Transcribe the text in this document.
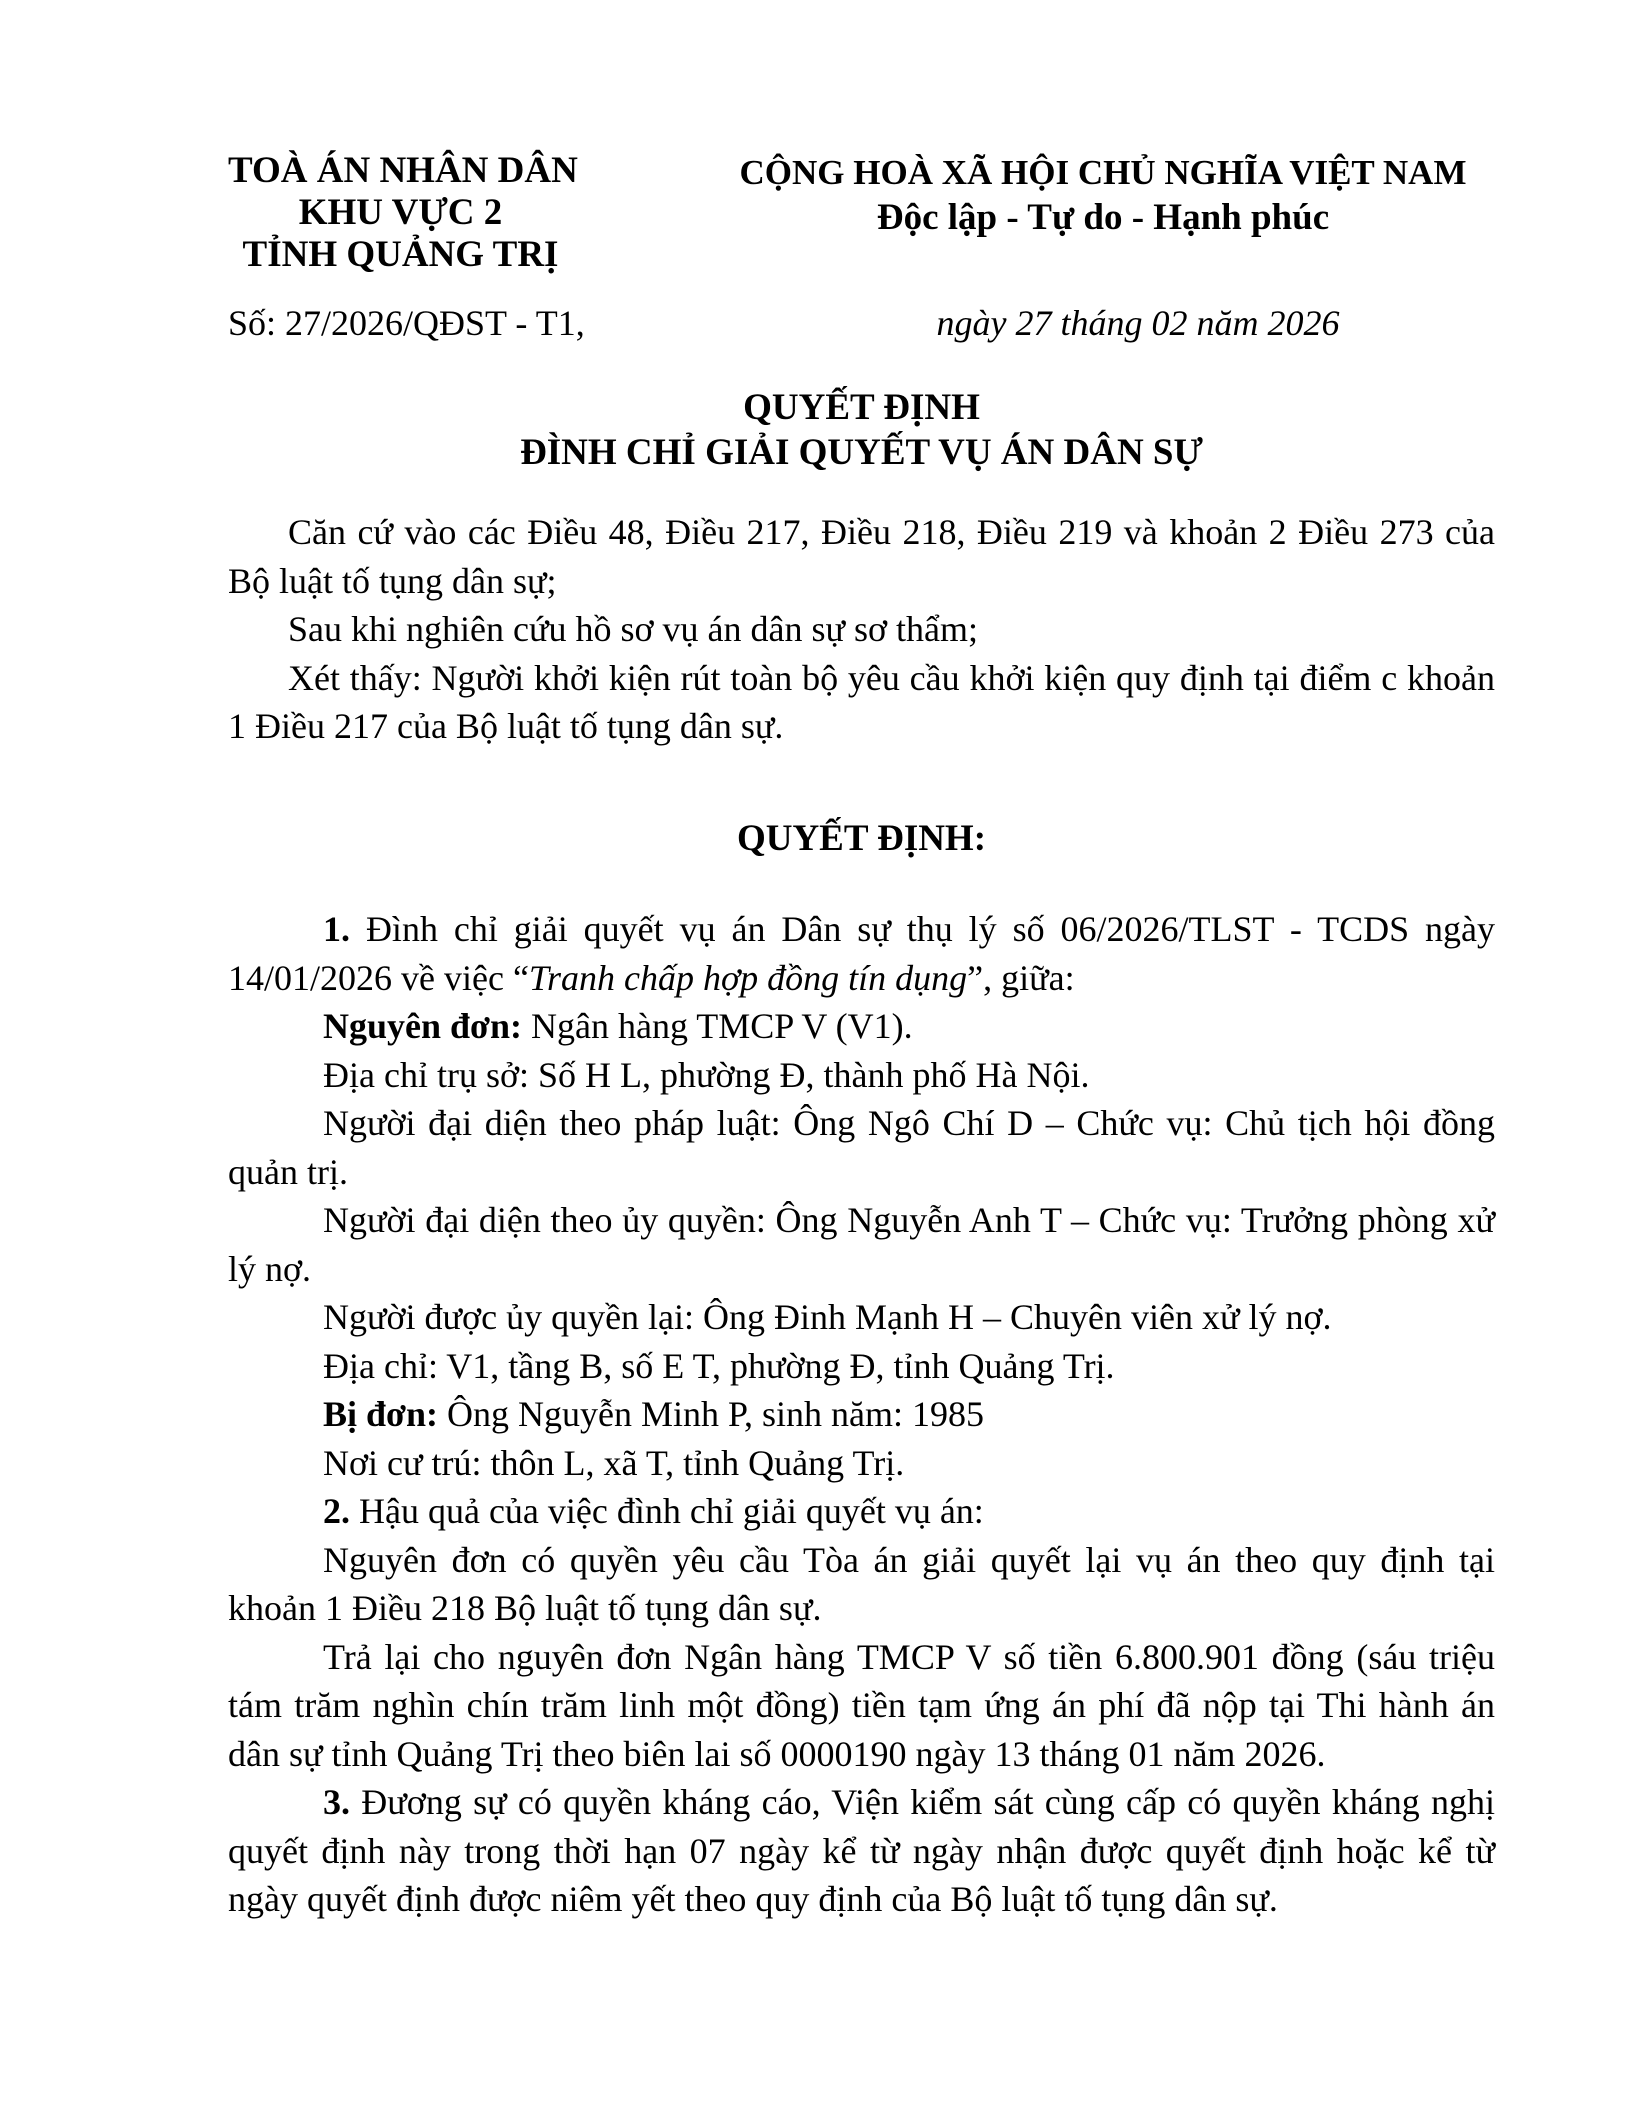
TOÀ ÁN NHÂN DÂN
KHU VỰC 2
TỈNH QUẢNG TRỊ
Số: 27/2026/QĐST - T1,
CỘNG HOÀ XÃ HỘI CHỦ NGHĨA VIỆT NAM
Độc lập - Tự do - Hạnh phúc
ngày 27 tháng 02 năm 2026
QUYẾT ĐỊNH
ĐÌNH CHỈ GIẢI QUYẾT VỤ ÁN DÂN SỰ

Căn cứ vào các Điều 48, Điều 217, Điều 218, Điều 219 và khoản 2 Điều 273 của Bộ luật tố tụng dân sự;

Sau khi nghiên cứu hồ sơ vụ án dân sự sơ thẩm;

Xét thấy: Người khởi kiện rút toàn bộ yêu cầu khởi kiện quy định tại điểm c khoản 1 Điều 217 của Bộ luật tố tụng dân sự.

QUYẾT ĐỊNH:

1. Đình chỉ giải quyết vụ án Dân sự thụ lý số 06/2026/TLST - TCDS ngày 14/01/2026 về việc “Tranh chấp hợp đồng tín dụng”, giữa:

Nguyên đơn: Ngân hàng TMCP V (V1).

Địa chỉ trụ sở: Số H L, phường Đ, thành phố Hà Nội.

Người đại diện theo pháp luật: Ông Ngô Chí D – Chức vụ: Chủ tịch hội đồng quản trị.

Người đại diện theo ủy quyền: Ông Nguyễn Anh T – Chức vụ: Trưởng phòng xử lý nợ.

Người được ủy quyền lại: Ông Đinh Mạnh H – Chuyên viên xử lý nợ.

Địa chỉ: V1, tầng B, số E T, phường Đ, tỉnh Quảng Trị.

Bị đơn: Ông Nguyễn Minh P, sinh năm: 1985

Nơi cư trú: thôn L, xã T, tỉnh Quảng Trị.

2. Hậu quả của việc đình chỉ giải quyết vụ án:

Nguyên đơn có quyền yêu cầu Tòa án giải quyết lại vụ án theo quy định tại khoản 1 Điều 218 Bộ luật tố tụng dân sự.

Trả lại cho nguyên đơn Ngân hàng TMCP V số tiền 6.800.901 đồng (sáu triệu tám trăm nghìn chín trăm linh một đồng) tiền tạm ứng án phí đã nộp tại Thi hành án dân sự tỉnh Quảng Trị theo biên lai số 0000190 ngày 13 tháng 01 năm 2026.

3. Đương sự có quyền kháng cáo, Viện kiểm sát cùng cấp có quyền kháng nghị quyết định này trong thời hạn 07 ngày kể từ ngày nhận được quyết định hoặc kể từ ngày quyết định được niêm yết theo quy định của Bộ luật tố tụng dân sự.
